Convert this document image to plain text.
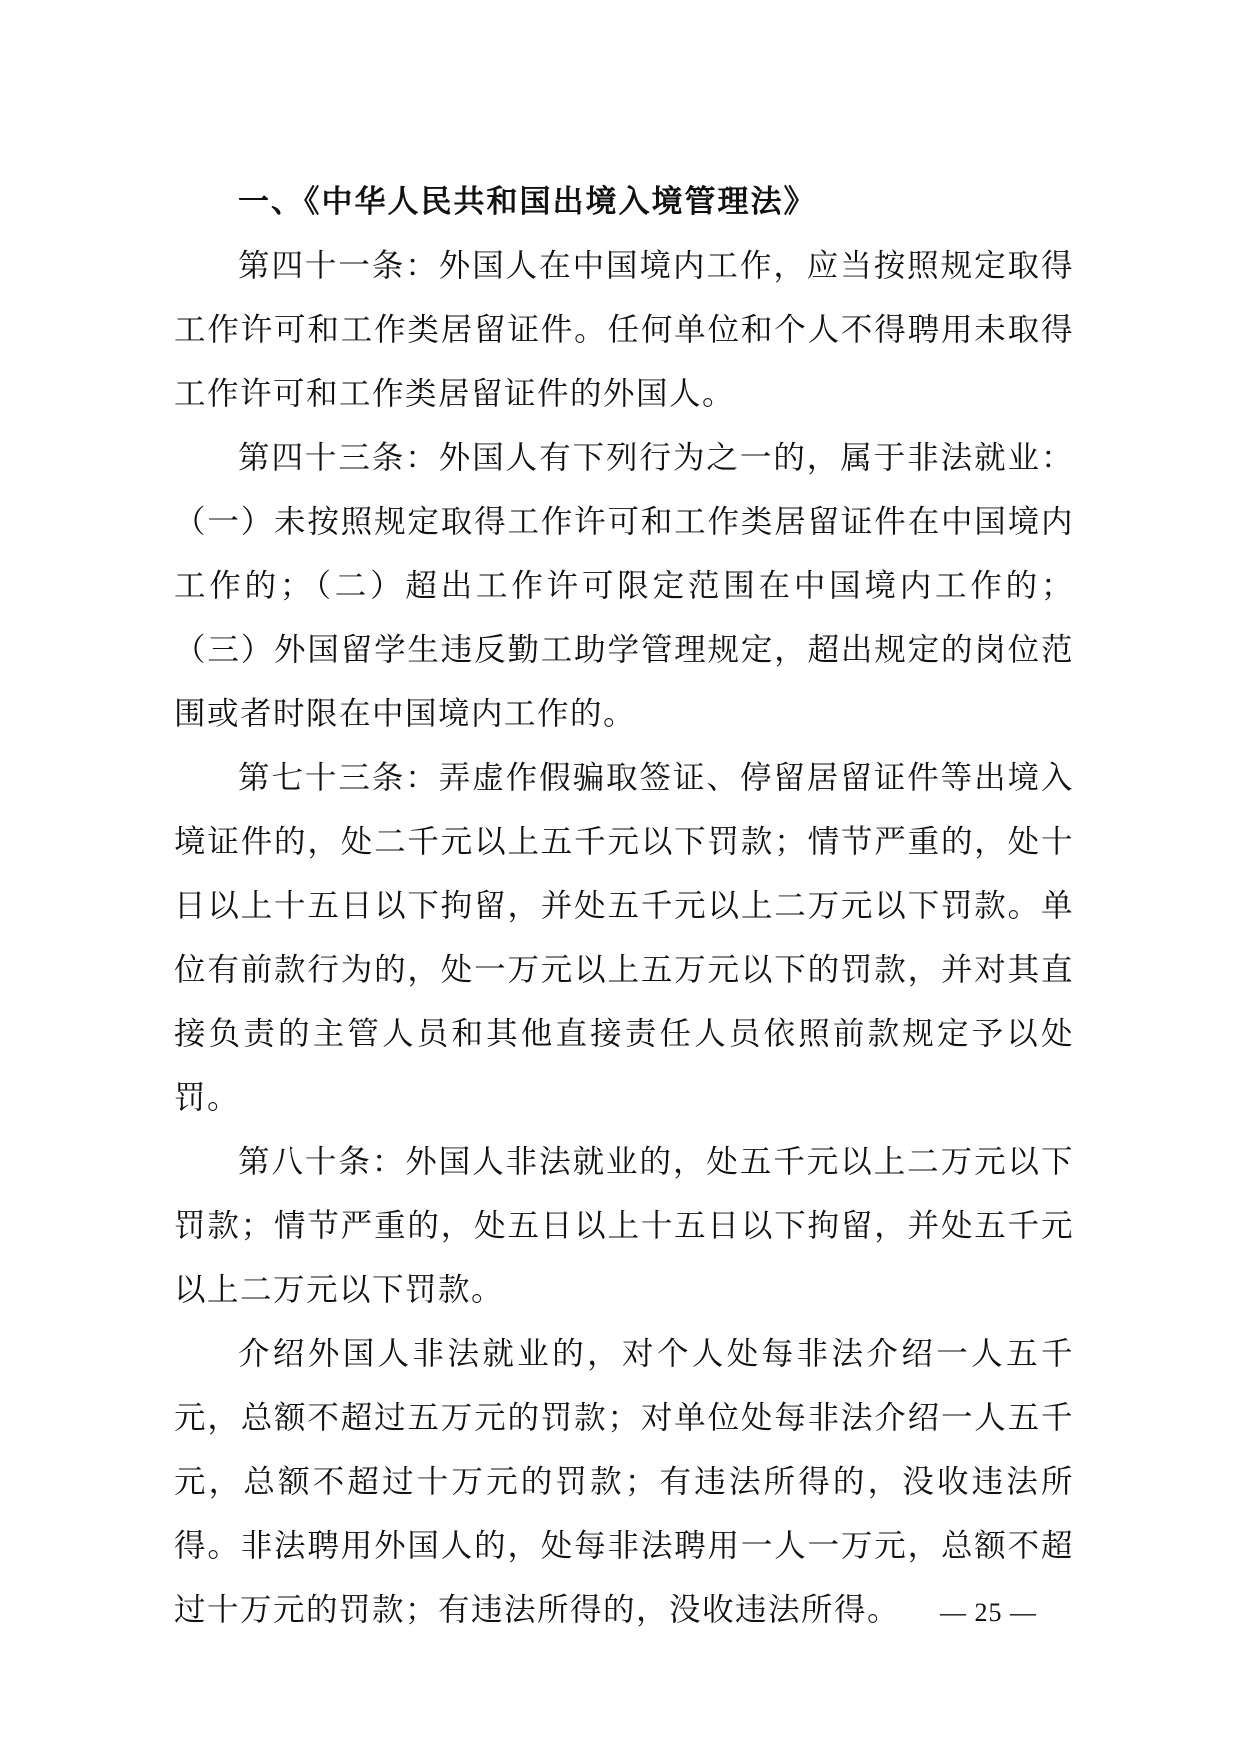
一、《中华人民共和国出境入境管理法》

第四十一条：外国人在中国境内工作，应当按照规定取得工作许可和工作类居留证件。任何单位和个人不得聘用未取得工作许可和工作类居留证件的外国人。

第四十三条：外国人有下列行为之一的，属于非法就业：（一）未按照规定取得工作许可和工作类居留证件在中国境内工作的；（二）超出工作许可限定范围在中国境内工作的；（三）外国留学生违反勤工助学管理规定，超出规定的岗位范围或者时限在中国境内工作的。

第七十三条：弄虚作假骗取签证、停留居留证件等出境入境证件的，处二千元以上五千元以下罚款；情节严重的，处十日以上十五日以下拘留，并处五千元以上二万元以下罚款。单位有前款行为的，处一万元以上五万元以下的罚款，并对其直接负责的主管人员和其他直接责任人员依照前款规定予以处罚。

第八十条：外国人非法就业的，处五千元以上二万元以下罚款；情节严重的，处五日以上十五日以下拘留，并处五千元以上二万元以下罚款。

介绍外国人非法就业的，对个人处每非法介绍一人五千元，总额不超过五万元的罚款；对单位处每非法介绍一人五千元，总额不超过十万元的罚款；有违法所得的，没收违法所得。非法聘用外国人的，处每非法聘用一人一万元，总额不超过十万元的罚款；有违法所得的，没收违法所得。	— 25 —
